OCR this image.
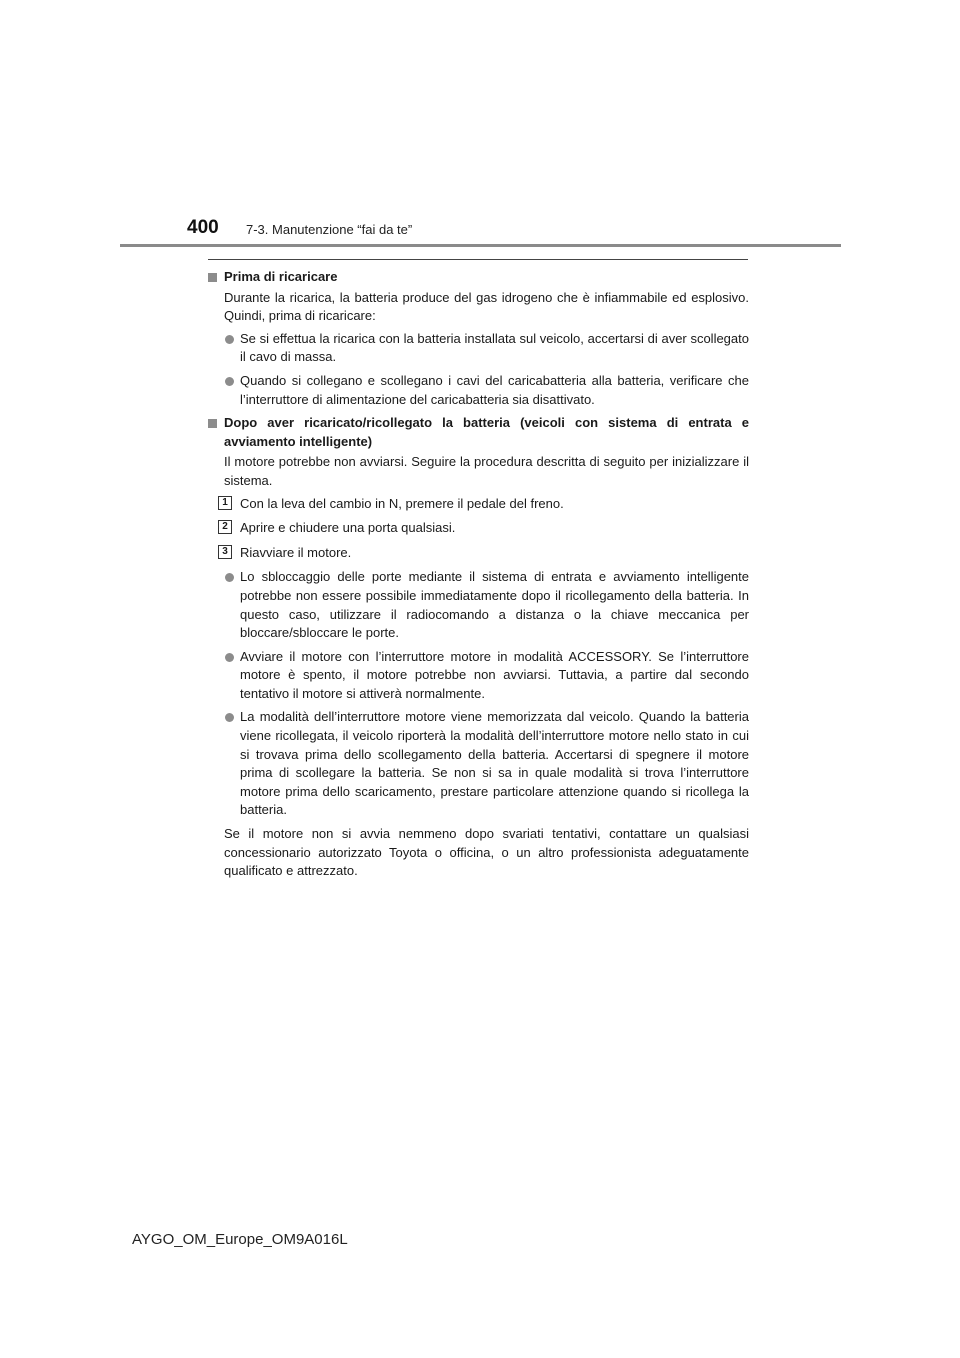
400 7-3. Manutenzione “fai da te”
Prima di ricaricare

Durante la ricarica, la batteria produce del gas idrogeno che è infiammabile ed esplosivo. Quindi, prima di ricaricare:

Se si effettua la ricarica con la batteria installata sul veicolo, accertarsi di aver scollegato il cavo di massa.
Quando si collegano e scollegano i cavi del caricabatteria alla batteria, verificare che l’interruttore di alimentazione del caricabatteria sia disattivato.
Dopo aver ricaricato/ricollegato la batteria (veicoli con sistema di entrata e avviamento intelligente)

Il motore potrebbe non avviarsi. Seguire la procedura descritta di seguito per inizializzare il sistema.

1 Con la leva del cambio in N, premere il pedale del freno.
2 Aprire e chiudere una porta qualsiasi.
3 Riavviare il motore.
Lo sbloccaggio delle porte mediante il sistema di entrata e avviamento intelligente potrebbe non essere possibile immediatamente dopo il ricollegamento della batteria. In questo caso, utilizzare il radiocomando a distanza o la chiave meccanica per bloccare/sbloccare le porte.
Avviare il motore con l’interruttore motore in modalità ACCESSORY. Se l’interruttore motore è spento, il motore potrebbe non avviarsi. Tuttavia, a partire dal secondo tentativo il motore si attiverà normalmente.
La modalità dell’interruttore motore viene memorizzata dal veicolo. Quando la batteria viene ricollegata, il veicolo riporterà la modalità dell’interruttore motore nello stato in cui si trovava prima dello scollegamento della batteria. Accertarsi di spegnere il motore prima di scollegare la batteria. Se non si sa in quale modalità si trova l’interruttore motore prima dello scaricamento, prestare particolare attenzione quando si ricollega la batteria.

Se il motore non si avvia nemmeno dopo svariati tentativi, contattare un qualsiasi concessionario autorizzato Toyota o officina, o un altro professionista adeguatamente qualificato e attrezzato.

AYGO_OM_Europe_OM9A016L
